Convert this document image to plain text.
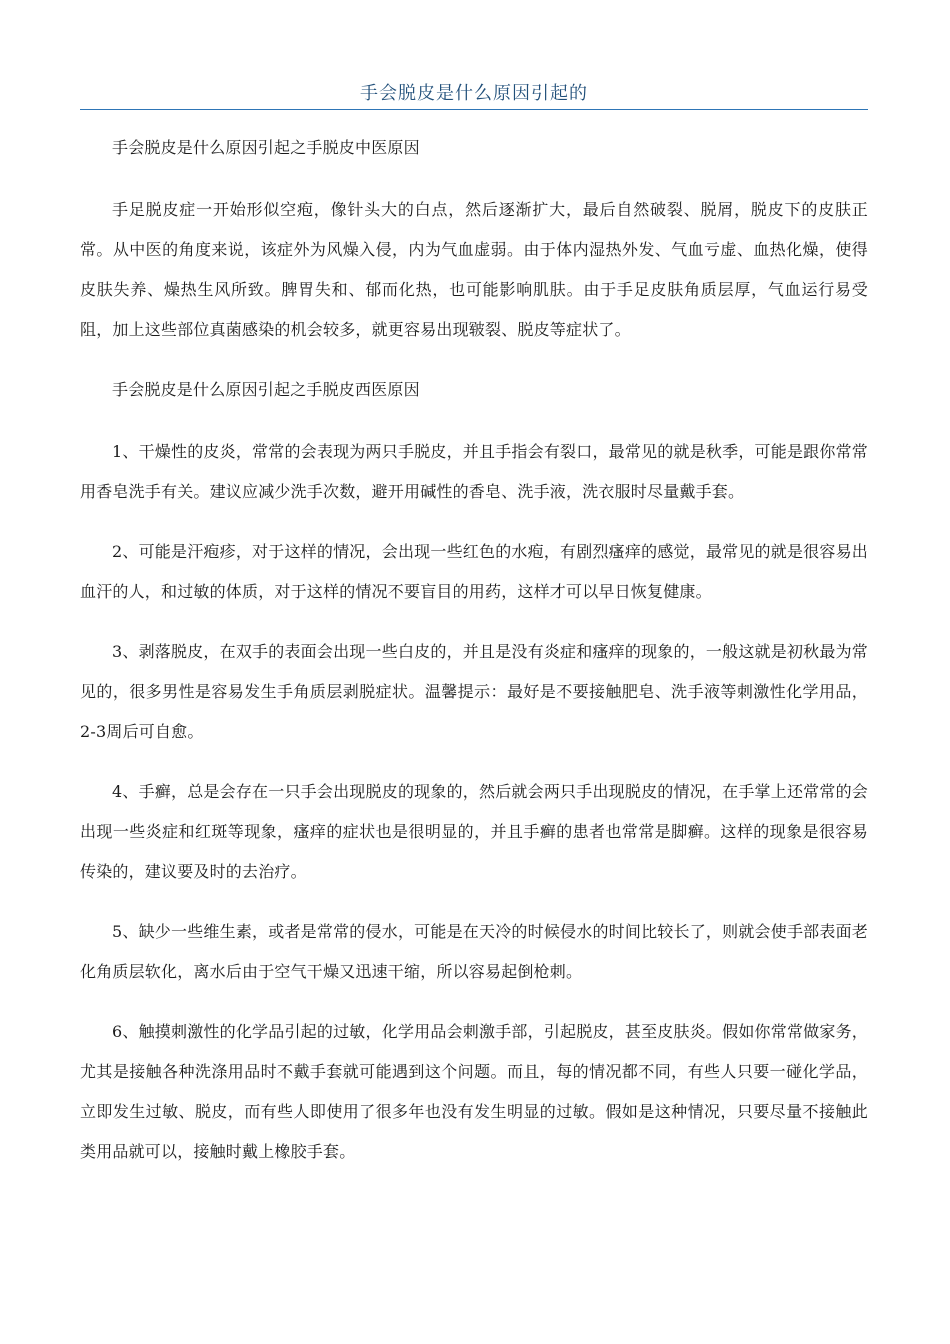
手会脱皮是什么原因引起的

手会脱皮是什么原因引起之手脱皮中医原因

手足脱皮症一开始形似空疱，像针头大的白点，然后逐渐扩大，最后自然破裂、脱屑，脱皮下的皮肤正常。从中医的角度来说，该症外为风燥入侵，内为气血虚弱。由于体内湿热外发、气血亏虚、血热化燥，使得皮肤失养、燥热生风所致。脾胃失和、郁而化热，也可能影响肌肤。由于手足皮肤角质层厚，气血运行易受阻，加上这些部位真菌感染的机会较多，就更容易出现皲裂、脱皮等症状了。

手会脱皮是什么原因引起之手脱皮西医原因

1、干燥性的皮炎，常常的会表现为两只手脱皮，并且手指会有裂口，最常见的就是秋季，可能是跟你常常用香皂洗手有关。建议应减少洗手次数，避开用碱性的香皂、洗手液，洗衣服时尽量戴手套。

2、可能是汗疱疹，对于这样的情况，会出现一些红色的水疱，有剧烈瘙痒的感觉，最常见的就是很容易出血汗的人，和过敏的体质，对于这样的情况不要盲目的用药，这样才可以早日恢复健康。

3、剥落脱皮，在双手的表面会出现一些白皮的，并且是没有炎症和瘙痒的现象的，一般这就是初秋最为常见的，很多男性是容易发生手角质层剥脱症状。温馨提示：最好是不要接触肥皂、洗手液等刺激性化学用品，2-3周后可自愈。

4、手癣，总是会存在一只手会出现脱皮的现象的，然后就会两只手出现脱皮的情况，在手掌上还常常的会出现一些炎症和红斑等现象，瘙痒的症状也是很明显的，并且手癣的患者也常常是脚癣。这样的现象是很容易传染的，建议要及时的去治疗。

5、缺少一些维生素，或者是常常的侵水，可能是在天冷的时候侵水的时间比较长了，则就会使手部表面老化角质层软化，离水后由于空气干燥又迅速干缩，所以容易起倒枪刺。

6、触摸刺激性的化学品引起的过敏，化学用品会刺激手部，引起脱皮，甚至皮肤炎。假如你常常做家务，尤其是接触各种洗涤用品时不戴手套就可能遇到这个问题。而且，每的情况都不同，有些人只要一碰化学品，立即发生过敏、脱皮，而有些人即使用了很多年也没有发生明显的过敏。假如是这种情况，只要尽量不接触此类用品就可以，接触时戴上橡胶手套。
